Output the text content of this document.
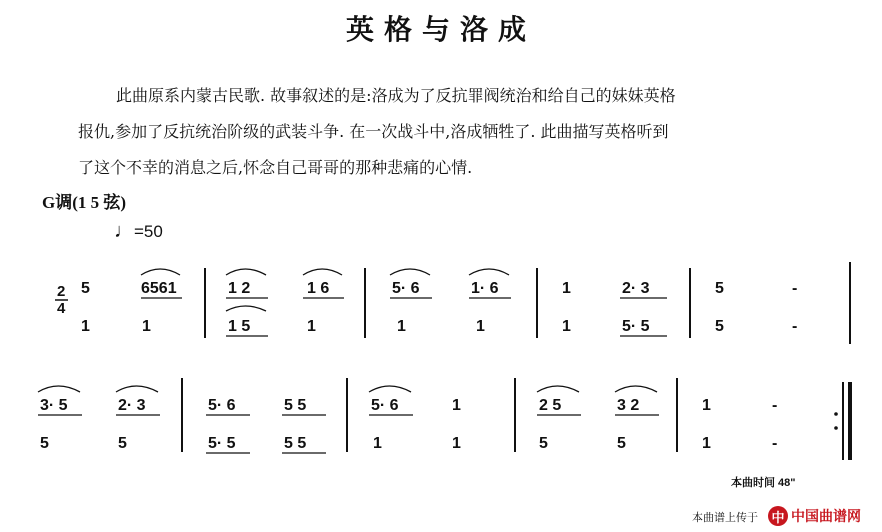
英格与洛成

此曲原系内蒙古民歌. 故事叙述的是:洛成为了反抗罪阀统治和给自己的妹妹英格

报仇,参加了反抗统治阶级的武装斗争. 在一次战斗中,洛成牺牲了. 此曲描写英格听到

了这个不幸的消息之后,怀念自己哥哥的那种悲痛的心情.

G调(1 5 弦)
♩=50
2
4
5	6561	1 2	1 6	5· 6	1· 6	1	2· 3	5	-
1	1	1 5	1	1	1	1	5· 5	5	-
3· 5	2· 3	5· 6	5 5	5· 6	1	2 5	3 2	1	-
5	5	5· 5	5 5	1	1	5	5	1	-
本曲时间 48"
本曲谱上传于 中 中国曲谱网
